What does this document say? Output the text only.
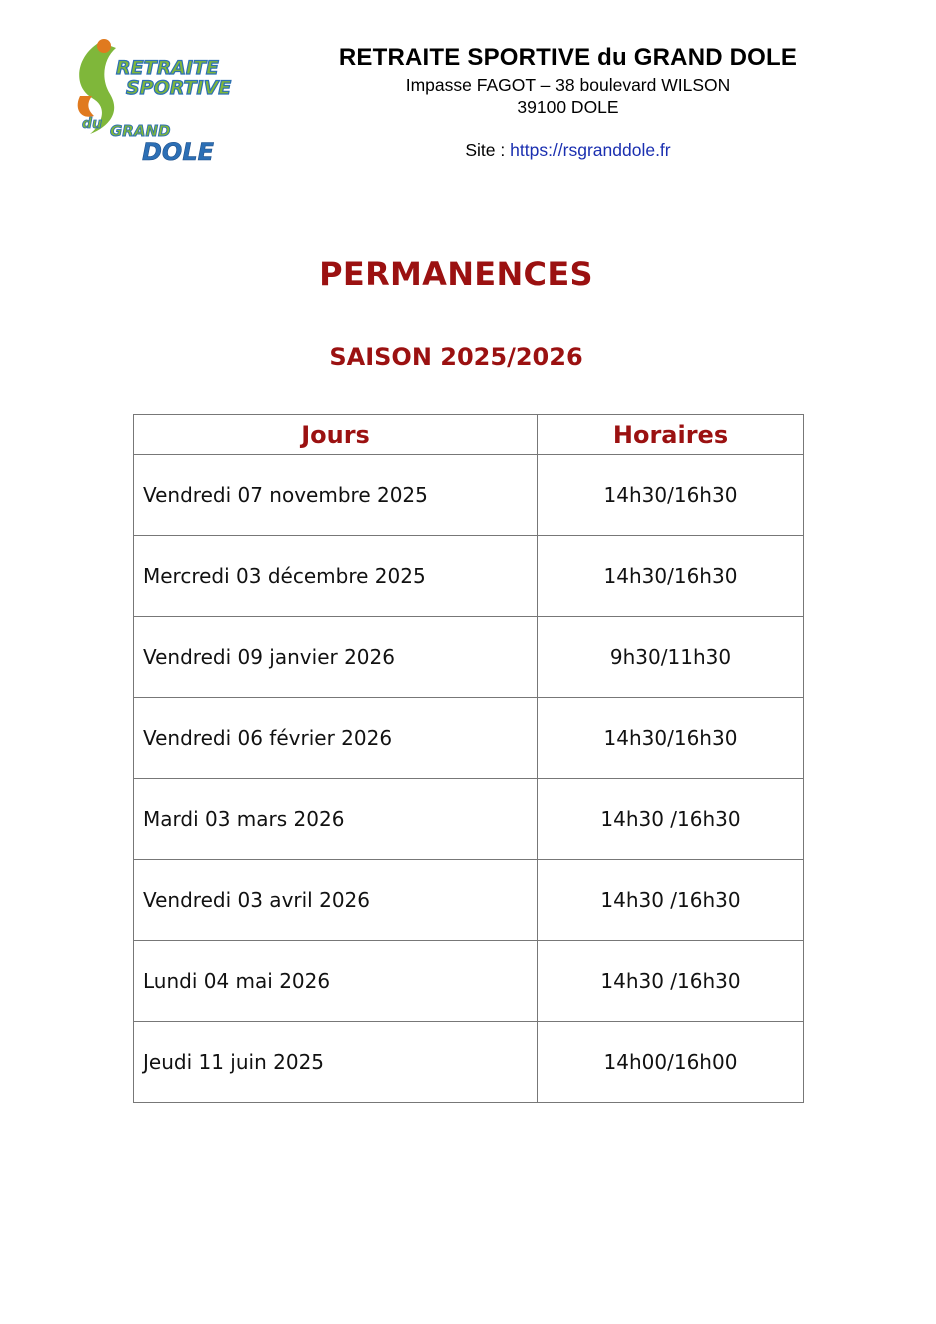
RETRAITE
SPORTIVE
du GRAND
DOLE
RETRAITE SPORTIVE du GRAND DOLE
Impasse FAGOT – 38 boulevard WILSON
39100 DOLE
Site : https://rsgranddole.fr
PERMANENCES
SAISON 2025/2026
Jours	Horaires
Vendredi 07 novembre 2025	14h30/16h30
Mercredi 03 décembre 2025	14h30/16h30
Vendredi 09 janvier 2026	9h30/11h30
Vendredi 06 février 2026	14h30/16h30
Mardi 03 mars 2026	14h30 /16h30
Vendredi 03 avril 2026	14h30 /16h30
Lundi 04 mai 2026	14h30 /16h30
Jeudi 11 juin 2025	14h00/16h00
